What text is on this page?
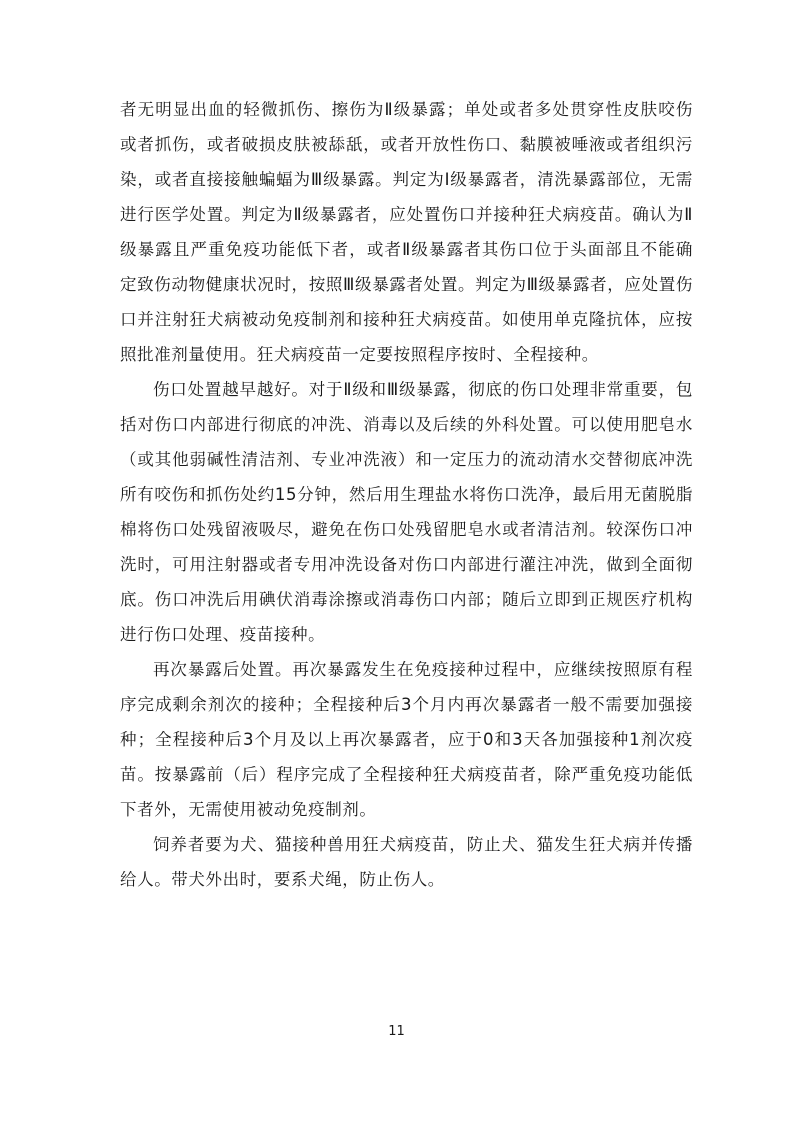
者无明显出血的轻微抓伤、擦伤为Ⅱ级暴露；单处或者多处贯穿性皮肤咬伤或者抓伤，或者破损皮肤被舔舐，或者开放性伤口、黏膜被唾液或者组织污染，或者直接接触蝙蝠为Ⅲ级暴露。判定为Ⅰ级暴露者，清洗暴露部位，无需进行医学处置。判定为Ⅱ级暴露者，应处置伤口并接种狂犬病疫苗。确认为Ⅱ级暴露且严重免疫功能低下者，或者Ⅱ级暴露者其伤口位于头面部且不能确定致伤动物健康状况时，按照Ⅲ级暴露者处置。判定为Ⅲ级暴露者，应处置伤口并注射狂犬病被动免疫制剂和接种狂犬病疫苗。如使用单克隆抗体，应按照批准剂量使用。狂犬病疫苗一定要按照程序按时、全程接种。

伤口处置越早越好。对于Ⅱ级和Ⅲ级暴露，彻底的伤口处理非常重要，包括对伤口内部进行彻底的冲洗、消毒以及后续的外科处置。可以使用肥皂水（或其他弱碱性清洁剂、专业冲洗液）和一定压力的流动清水交替彻底冲洗所有咬伤和抓伤处约15分钟，然后用生理盐水将伤口洗净，最后用无菌脱脂棉将伤口处残留液吸尽，避免在伤口处残留肥皂水或者清洁剂。较深伤口冲洗时，可用注射器或者专用冲洗设备对伤口内部进行灌注冲洗，做到全面彻底。伤口冲洗后用碘伏消毒涂擦或消毒伤口内部；随后立即到正规医疗机构进行伤口处理、疫苗接种。

再次暴露后处置。再次暴露发生在免疫接种过程中，应继续按照原有程序完成剩余剂次的接种；全程接种后3个月内再次暴露者一般不需要加强接种；全程接种后3个月及以上再次暴露者，应于0和3天各加强接种1剂次疫苗。按暴露前（后）程序完成了全程接种狂犬病疫苗者，除严重免疫功能低下者外，无需使用被动免疫制剂。

饲养者要为犬、猫接种兽用狂犬病疫苗，防止犬、猫发生狂犬病并传播给人。带犬外出时，要系犬绳，防止伤人。

11
